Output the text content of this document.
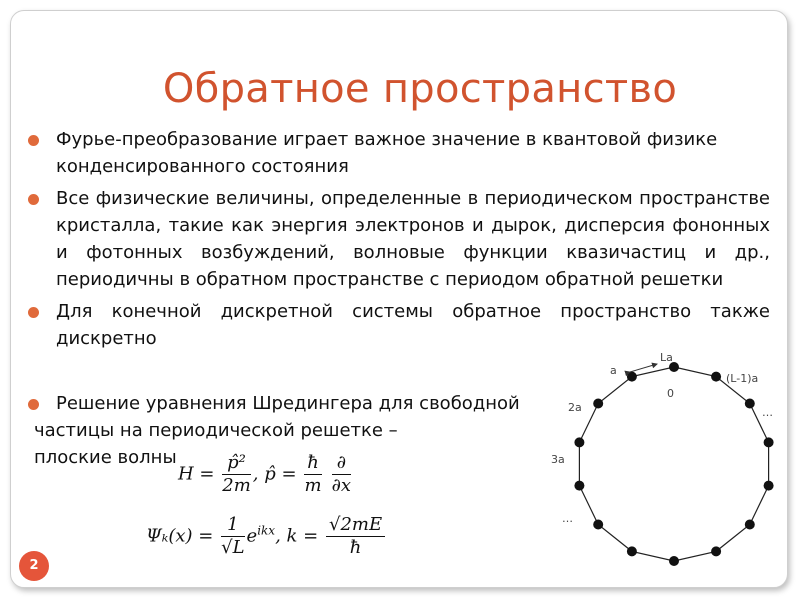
Обратное пространство
Фурье-преобразование играет важное значение в квантовой физике конденсированного состояния
Все физические величины, определенные в периодическом пространстве кристалла, такие как энергия электронов и дырок, дисперсия фононных и фотонных возбуждений, волновые функции квазичастиц и др., периодичны в обратном пространстве с периодом обратной решетки
Для конечной дискретной системы обратное пространство также дискретно
Решение уравнения Шредингера для свободной
частицы на периодической решетке –
плоские волны
$H = \frac{\text{p̂²}}{2m}$ , p̂ = $\frac{ħ}{m}$
$\frac{\partial}{\partial x}$
$\Psi_k(x) = \frac{1}{√L} e^{ikx}$, $k = \frac{√2mE}{ħ}$
a
La
0
(L-1)a
2a
3a
…
…
2
